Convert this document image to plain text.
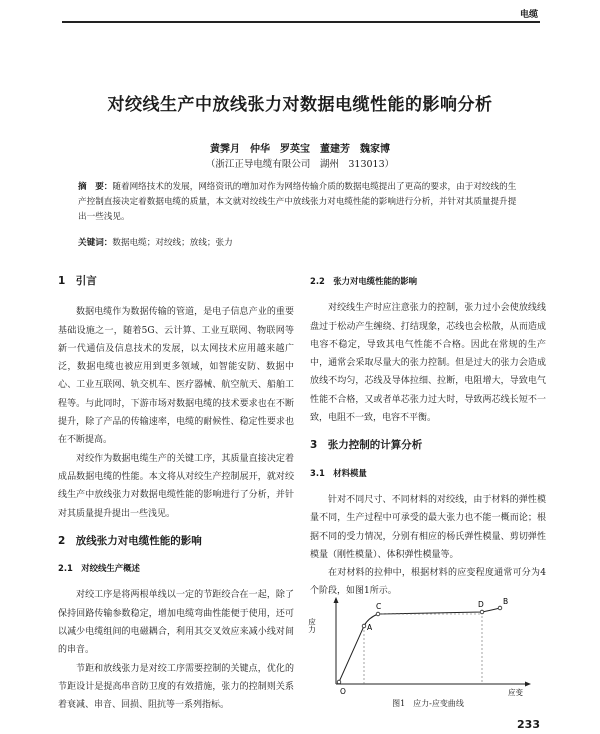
电缆
对绞线生产中放线张力对数据电缆性能的影响分析
黄霁月　仲华　罗英宝　董建芳　魏家博
（浙江正导电缆有限公司　湖州　313013）
摘　要：随着网络技术的发展，网络资讯的增加对作为网络传输介质的数据电缆提出了更高的要求，由于对绞线的生产控制直接决定着数据电缆的质量，本文就对绞线生产中放线张力对电缆性能的影响进行分析，并针对其质量提升提出一些浅见。
关键词：数据电缆；对绞线；放线；张力

1　引言

数据电缆作为数据传输的管道，是电子信息产业的重要基础设施之一，随着5G、云计算、工业互联网、物联网等新一代通信及信息技术的发展，以太网技术应用越来越广泛，数据电缆也被应用到更多领域，如智能安防、数据中心、工业互联网、轨交机车、医疗器械、航空航天、船舶工程等。与此同时，下游市场对数据电缆的技术要求也在不断提升，除了产品的传输速率，电缆的耐候性、稳定性要求也在不断提高。

对绞作为数据电缆生产的关键工序，其质量直接决定着成品数据电缆的性能。本文将从对绞生产控制展开，就对绞线生产中放线张力对数据电缆性能的影响进行了分析，并针对其质量提升提出一些浅见。

2　放线张力对电缆性能的影响

2.1　对绞线生产概述

对绞工序是将两根单线以一定的节距绞合在一起，除了保持回路传输参数稳定，增加电缆弯曲性能便于使用，还可以减少电缆组间的电磁耦合，利用其交叉效应来减小线对间的串音。

节距和放线张力是对绞工序需要控制的关键点，优化的节距设计是提高串音防卫度的有效措施，张力的控制则关系着衰减、串音、回损、阻抗等一系列指标。

2.2　张力对电缆性能的影响

对绞线生产时应注意张力的控制，张力过小会使放线线盘过于松动产生缠绕、打结现象，芯线也会松散，从而造成电容不稳定，导致其电气性能不合格。因此在常规的生产中，通常会采取尽量大的张力控制。但是过大的张力会造成放线不均匀，芯线及导体拉细、拉断，电阻增大，导致电气性能不合格，又或者单芯张力过大时，导致两芯线长短不一致，电阻不一致，电容不平衡。

3　张力控制的计算分析

3.1　材料模量

针对不同尺寸、不同材料的对绞线，由于材料的弹性模量不同，生产过程中可承受的最大张力也不能一概而论；根据不同的受力情况，分别有相应的杨氏弹性模量、剪切弹性模量（刚性模量）、体积弹性模量等。

在对材料的拉伸中，根据材料的应变程度通常可分为4个阶段，如图1所示。

应力
应变
O
A
C	D	B
图1　应力-应变曲线
233
